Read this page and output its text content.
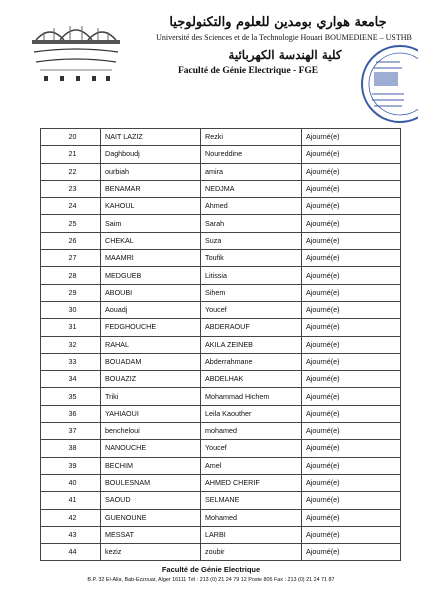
جامعة هواري بومدين للعلوم والتكنولوجيا
Université des Sciences et de la Technologie Houari BOUMEDIENE – USTHB
كلية الهندسة الكهربائية
Faculté de Génie Electrique - FGE
20	NAIT LAZIZ	Rezki	Ajourné(e)
21	Daghboudj	Noureddine	Ajourné(e)
22	ourbiah	amira	Ajourné(e)
23	BENAMAR	NEDJMA	Ajourné(e)
24	KAHOUL	Ahmed	Ajourné(e)
25	Saim	Sarah	Ajourné(e)
26	CHEKAL	Suza	Ajourné(e)
27	MAAMRI	Toufik	Ajourné(e)
28	MEDGUEB	Litissia	Ajourné(e)
29	ABOUBI	Sihem	Ajourné(e)
30	Aouadj	Youcef	Ajourné(e)
31	FEDGHOUCHE	ABDERAOUF	Ajourné(e)
32	RAHAL	AKILA ZEINEB	Ajourné(e)
33	BOUADAM	Abderrahmane	Ajourné(e)
34	BOUAZIZ	ABDELHAK	Ajourné(e)
35	Triki	Mohammad Hichem	Ajourné(e)
36	YAHIAOUI	Leila Kaouther	Ajourné(e)
37	bencheloui	mohamed	Ajourné(e)
38	NANOUCHE	Youcef	Ajourné(e)
39	BECHIM	Amel	Ajourné(e)
40	BOULESNAM	AHMED CHERIF	Ajourné(e)
41	SAOUD	SELMANE	Ajourné(e)
42	GUENOUNE	Mohamed	Ajourné(e)
43	MESSAT	LARBI	Ajourné(e)
44	keziz	zoubir	Ajourné(e)
Faculté de Génie Electrique
B.P. 32 El-Alia, Bab-Ezzouar, Alger 16111 Tél : 213 (0) 21 24 79 12 Poste 805 Fax : 213 (0) 21 24 71 87
